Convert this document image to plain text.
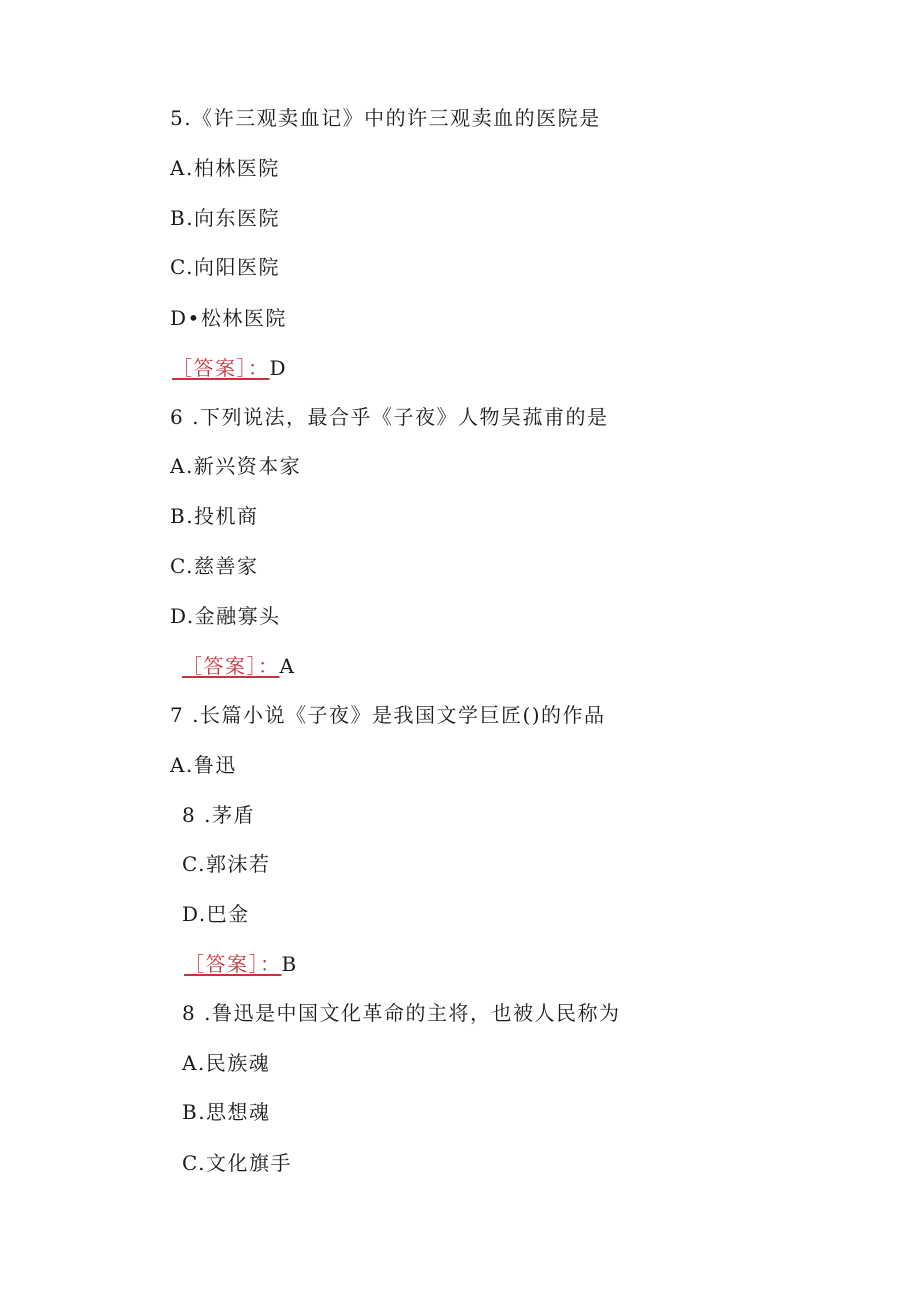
5.《许三观卖血记》中的许三观卖血的医院是
A.柏林医院
B.向东医院
C.向阳医院
D•松林医院
［答案］：D
6 .下列说法，最合乎《子夜》人物吴菰甫的是
A.新兴资本家
B.投机商
C.慈善家
D.金融寡头
［答案］：A
7 .长篇小说《子夜》是我国文学巨匠()的作品
A.鲁迅
8 .茅盾
C.郭沫若
D.巴金
［答案］：B
8 .鲁迅是中国文化革命的主将，也被人民称为
A.民族魂
B.思想魂
C.文化旗手
